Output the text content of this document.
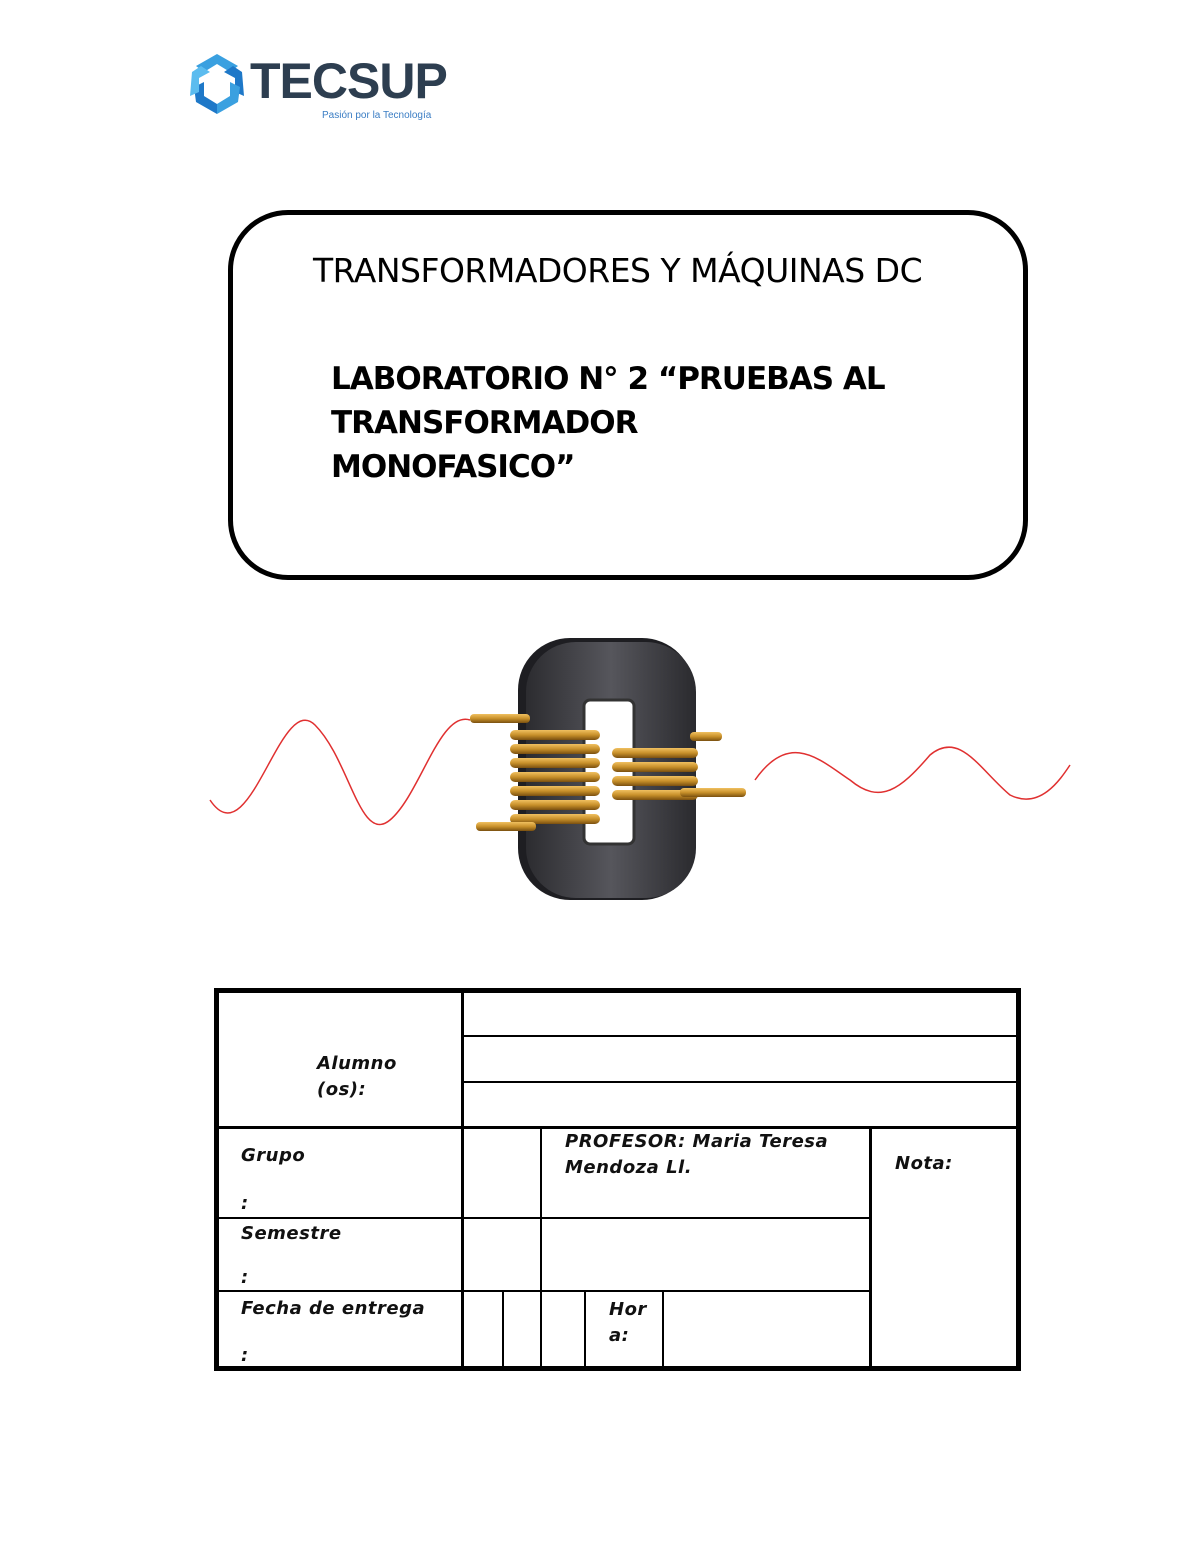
TECSUP
Pasión por la Tecnología
TRANSFORMADORES Y MÁQUINAS DC
LABORATORIO N° 2 “PRUEBAS AL
TRANSFORMADOR
MONOFASICO”
Alumno
(os):
Grupo
:
PROFESOR: Maria Teresa
Mendoza Ll.	Nota:
Semestre
:
Fecha de entrega
:
Hor
a:
